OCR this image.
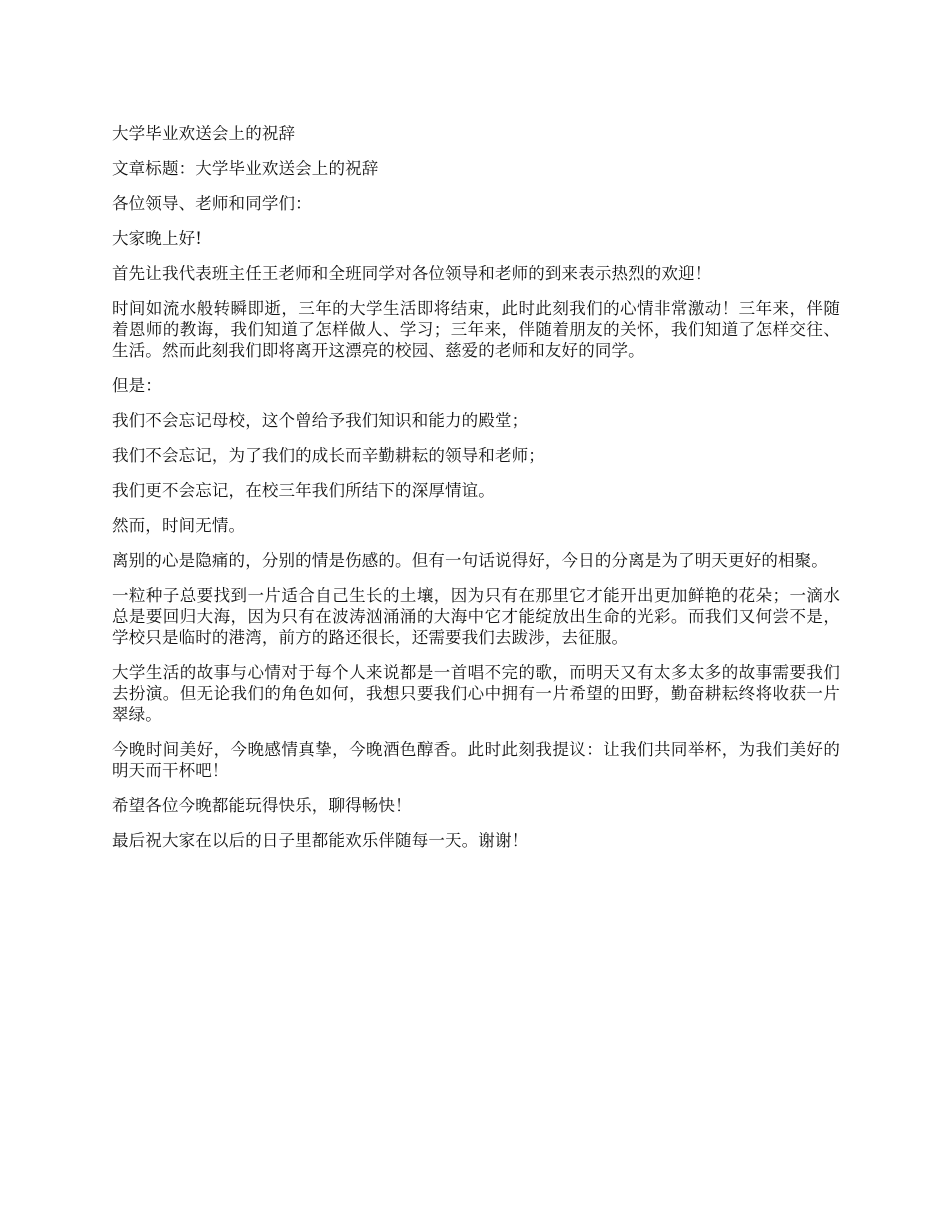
大学毕业欢送会上的祝辞

文章标题：大学毕业欢送会上的祝辞

各位领导、老师和同学们：

大家晚上好!

首先让我代表班主任王老师和全班同学对各位领导和老师的到来表示热烈的欢迎！

时间如流水般转瞬即逝，三年的大学生活即将结束，此时此刻我们的心情非常激动！三年来，伴随着恩师的教诲，我们知道了怎样做人、学习；三年来，伴随着朋友的关怀，我们知道了怎样交往、生活。然而此刻我们即将离开这漂亮的校园、慈爱的老师和友好的同学。

但是：

我们不会忘记母校，这个曾给予我们知识和能力的殿堂；

我们不会忘记，为了我们的成长而辛勤耕耘的领导和老师；

我们更不会忘记，在校三年我们所结下的深厚情谊。

然而，时间无情。

离别的心是隐痛的，分别的情是伤感的。但有一句话说得好，今日的分离是为了明天更好的相聚。

一粒种子总要找到一片适合自己生长的土壤，因为只有在那里它才能开出更加鲜艳的花朵；一滴水总是要回归大海，因为只有在波涛汹涌涌的大海中它才能绽放出生命的光彩。而我们又何尝不是，学校只是临时的港湾，前方的路还很长，还需要我们去跋涉，去征服。

大学生活的故事与心情对于每个人来说都是一首唱不完的歌，而明天又有太多太多的故事需要我们去扮演。但无论我们的角色如何，我想只要我们心中拥有一片希望的田野，勤奋耕耘终将收获一片翠绿。

今晚时间美好，今晚感情真挚，今晚酒色醇香。此时此刻我提议：让我们共同举杯，为我们美好的明天而干杯吧！

希望各位今晚都能玩得快乐，聊得畅快！

最后祝大家在以后的日子里都能欢乐伴随每一天。谢谢！
